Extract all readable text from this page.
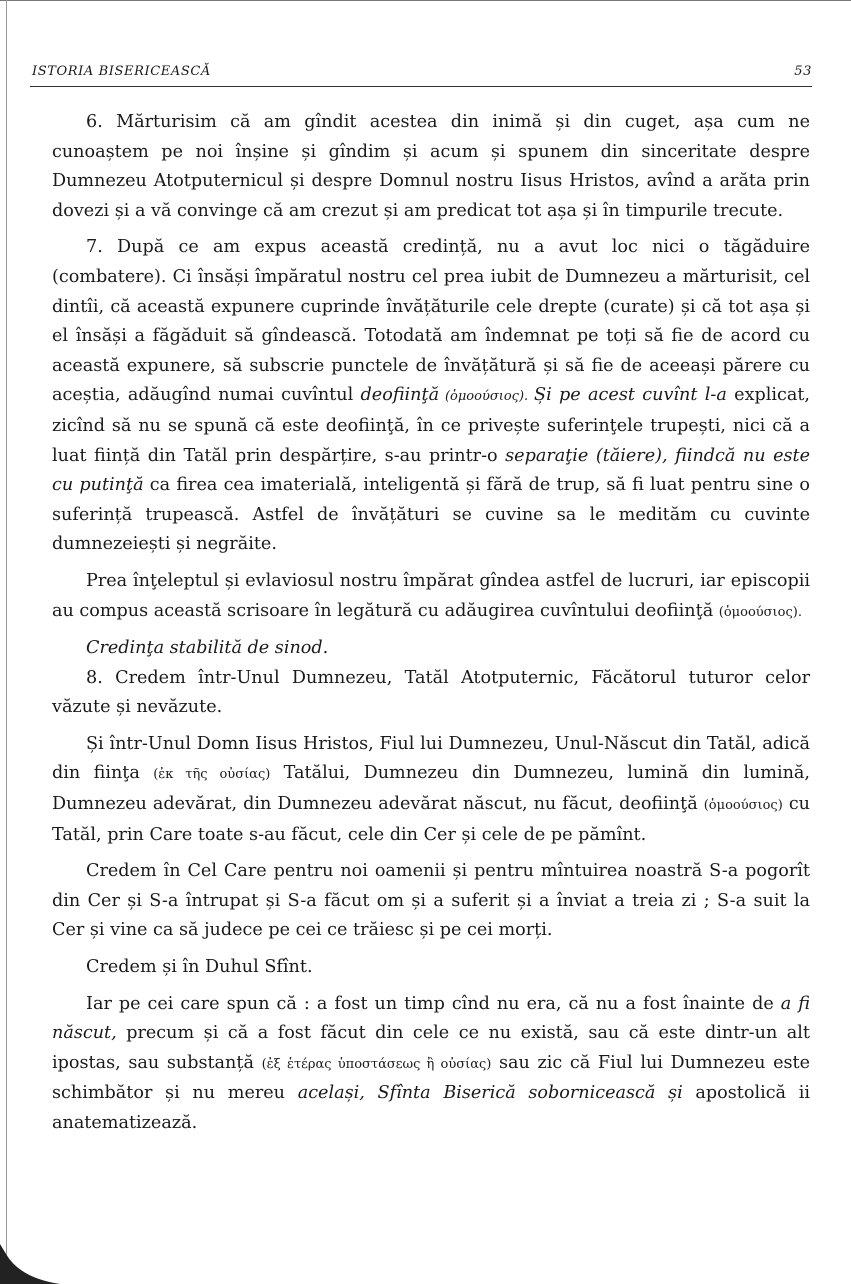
ISTORIA BISERICEASCĂ	53

6. Mărturisim că am gîndit acestea din inimă și din cuget, așa cum ne cunoaștem pe noi înșine și gîndim și acum și spunem din sinceritate despre Dumnezeu Atotputernicul și despre Domnul nostru Iisus Hristos, avînd a arăta prin dovezi și a vă convinge că am crezut și am predicat tot așa și în timpurile trecute.

7. După ce am expus această credință, nu a avut loc nici o tăgăduire (combatere). Ci însăși împăratul nostru cel prea iubit de Dumnezeu a mărturisit, cel dintîi, că această expunere cuprinde învățăturile cele drepte (curate) și că tot așa și el însăși a făgăduit să gîndească. Totodată am îndemnat pe toți să fie de acord cu această expunere, să subscrie punctele de învățătură și să fie de aceeași părere cu aceștia, adăugînd numai cuvîntul deofiinţă (ὁμοούσιος). Și pe acest cuvînt l-a explicat, zicînd să nu se spună că este deofiinţă, în ce privește suferinţele trupești, nici că a luat ființă din Tatăl prin despărțire, s-au printr-o separaţie (tăiere), fiindcă nu este cu putinţă ca firea cea imaterială, inteligentă și fără de trup, să fi luat pentru sine o suferință trupească. Astfel de învățături se cuvine sa le medităm cu cuvinte dumnezeiești și negrăite.

Prea înţeleptul și evlaviosul nostru împărat gîndea astfel de lucruri, iar episcopii au compus această scrisoare în legătură cu adăugirea cuvîntului deofiinţă (ὁμοούσιος).

Credinţa stabilită de sinod.

8. Credem într-Unul Dumnezeu, Tatăl Atotputernic, Făcătorul tuturor celor văzute și nevăzute.

Și într-Unul Domn Iisus Hristos, Fiul lui Dumnezeu, Unul-Născut din Tatăl, adică din fiinţa (ἐκ τῆς οὐσίας) Tatălui, Dumnezeu din Dumnezeu, lumină din lumină, Dumnezeu adevărat, din Dumnezeu adevărat născut, nu făcut, deofiinţă (ὁμοούσιος) cu Tatăl, prin Care toate s-au făcut, cele din Cer și cele de pe pămînt.

Credem în Cel Care pentru noi oamenii și pentru mîntuirea noastră S-a pogorît din Cer și S-a întrupat și S-a făcut om și a suferit și a înviat a treia zi ; S-a suit la Cer și vine ca să judece pe cei ce trăiesc și pe cei morți.

Credem și în Duhul Sfînt.

Iar pe cei care spun că : a fost un timp cînd nu era, că nu a fost înainte de a fi născut, precum și că a fost făcut din cele ce nu există, sau că este dintr-un alt ipostas, sau substanță (ἐξ ἑτέρας ὑποστάσεως ἢ οὐσίας) sau zic că Fiul lui Dumnezeu este schimbător și nu mereu același, Sfînta Biserică sobornicească și apostolică ii anatematizează.
